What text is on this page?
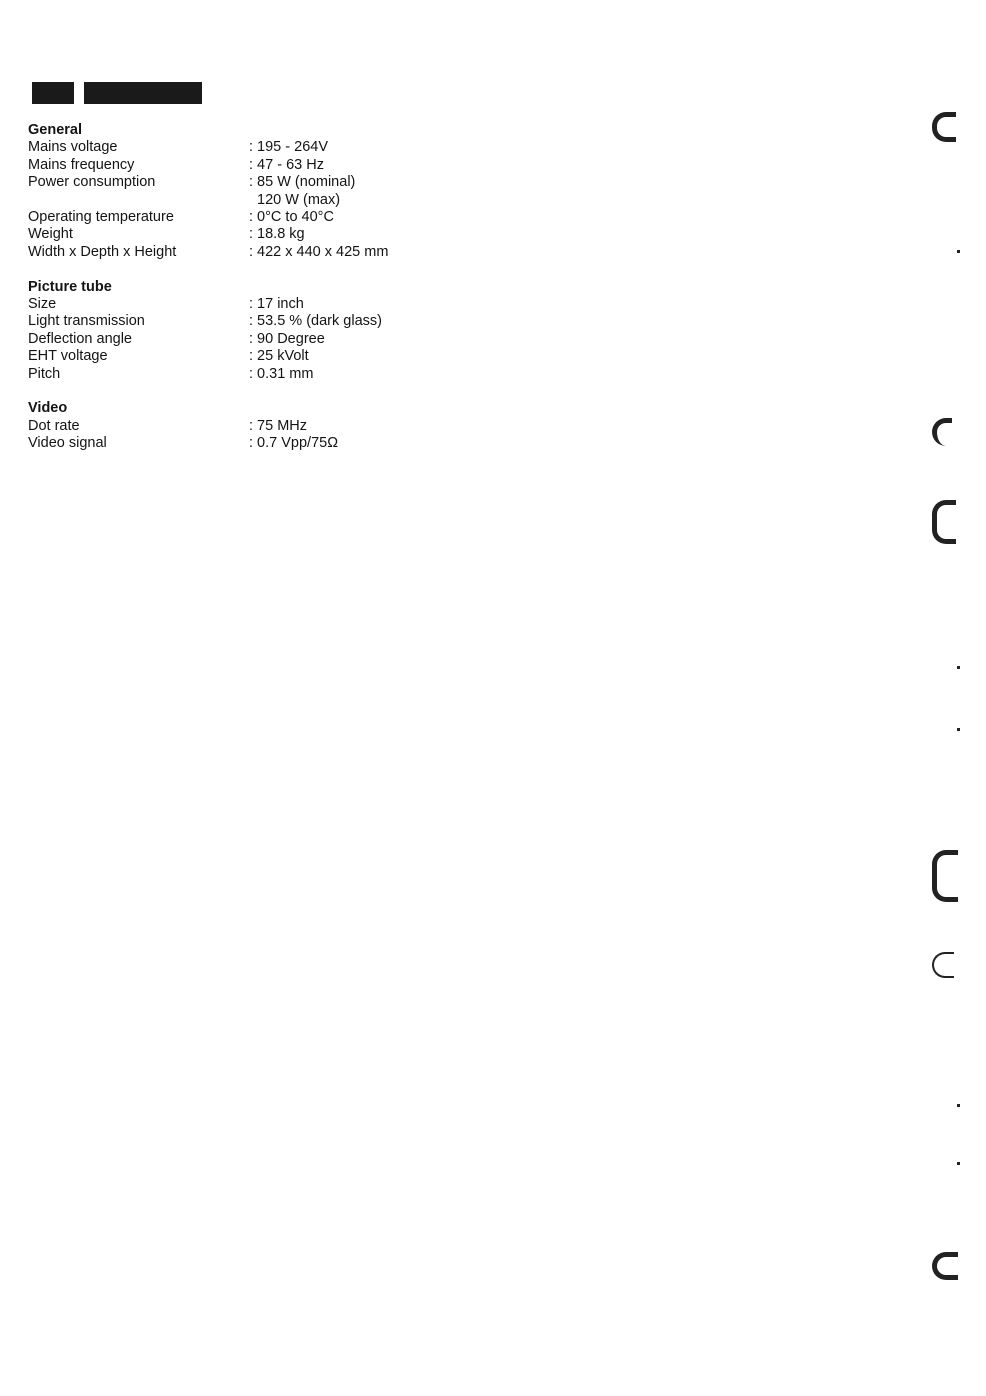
General
Mains voltage	: 195 - 264V
Mains frequency	: 47 - 63 Hz
Power consumption	: 85 W (nominal)
120 W (max)
Operating temperature	: 0°C to 40°C
Weight	: 18.8 kg
Width x Depth x Height	: 422 x 440 x 425 mm
Picture tube
Size	: 17 inch
Light transmission	: 53.5 % (dark glass)
Deflection angle	: 90 Degree
EHT voltage	: 25 kVolt
Pitch	: 0.31 mm
Video
Dot rate	: 75 MHz
Video signal	: 0.7 Vpp/75Ω
